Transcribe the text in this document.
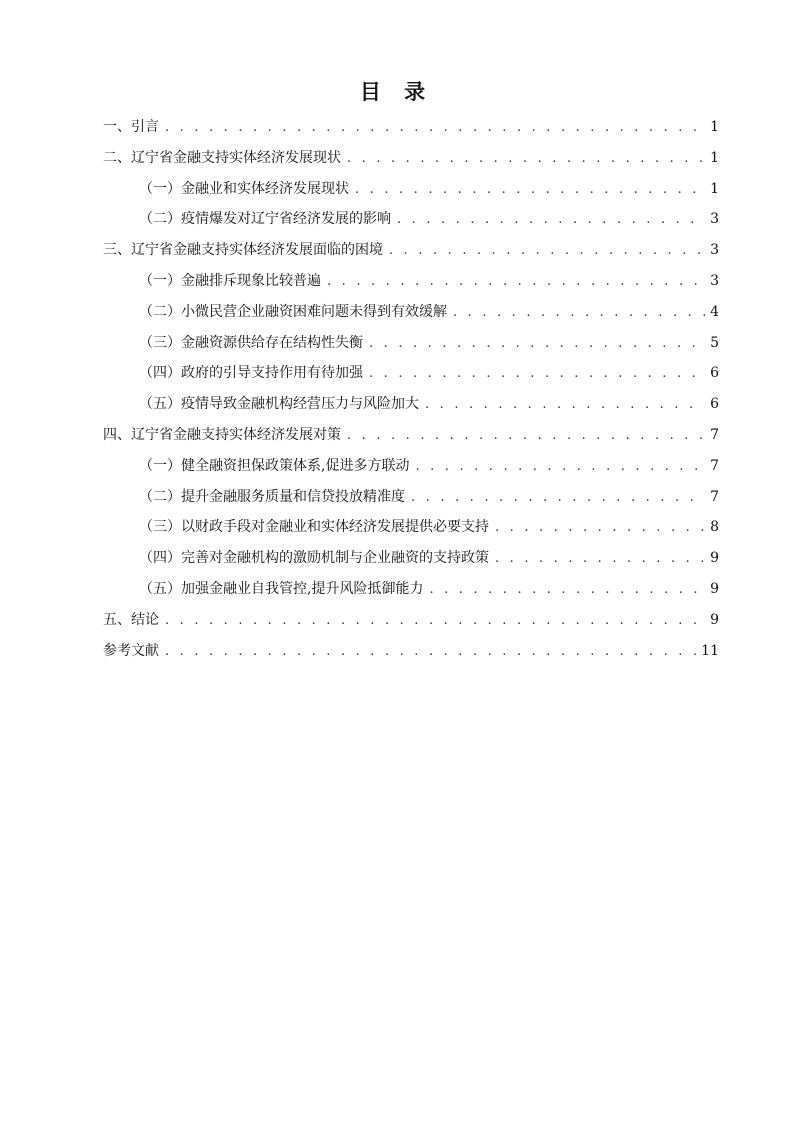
目 录
一、引言 . . .	1
二、辽宁省金融支持实体经济发展现状 . . .	1
（一）金融业和实体经济发展现状 . . .	1
（二）疫情爆发对辽宁省经济发展的影响 . . .	3
三、辽宁省金融支持实体经济发展面临的困境 . . .	3
（一）金融排斥现象比较普遍 . . .	3
（二）小微民营企业融资困难问题未得到有效缓解 . . .	4
（三）金融资源供给存在结构性失衡 . . .	5
（四）政府的引导支持作用有待加强 . . .	6
（五）疫情导致金融机构经营压力与风险加大 . . .	6
四、辽宁省金融支持实体经济发展对策 . . .	7
（一）健全融资担保政策体系,促进多方联动 . . .	7
（二）提升金融服务质量和信贷投放精准度 . . .	7
（三）以财政手段对金融业和实体经济发展提供必要支持 . . .	8
（四）完善对金融机构的激励机制与企业融资的支持政策 . . .	9
（五）加强金融业自我管控,提升风险抵御能力 . . .	9
五、结论 . . .	9
参考文献 . . .	11
